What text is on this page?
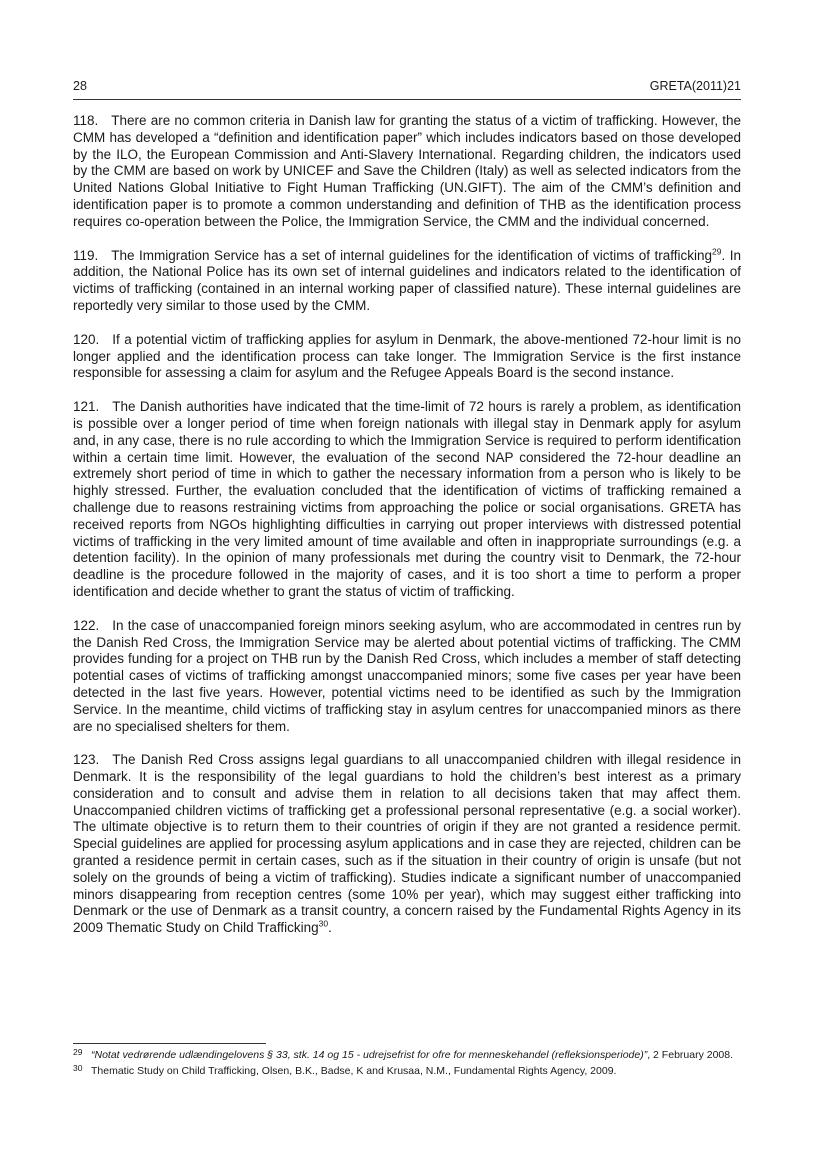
28	GRETA(2011)21

118. There are no common criteria in Danish law for granting the status of a victim of trafficking. However, the CMM has developed a “definition and identification paper” which includes indicators based on those developed by the ILO, the European Commission and Anti-Slavery International. Regarding children, the indicators used by the CMM are based on work by UNICEF and Save the Children (Italy) as well as selected indicators from the United Nations Global Initiative to Fight Human Trafficking (UN.GIFT). The aim of the CMM’s definition and identification paper is to promote a common understanding and definition of THB as the identification process requires co-operation between the Police, the Immigration Service, the CMM and the individual concerned.

119. The Immigration Service has a set of internal guidelines for the identification of victims of trafficking$^{29}$. In addition, the National Police has its own set of internal guidelines and indicators related to the identification of victims of trafficking (contained in an internal working paper of classified nature). These internal guidelines are reportedly very similar to those used by the CMM.

120. If a potential victim of trafficking applies for asylum in Denmark, the above-mentioned 72-hour limit is no longer applied and the identification process can take longer. The Immigration Service is the first instance responsible for assessing a claim for asylum and the Refugee Appeals Board is the second instance.

121. The Danish authorities have indicated that the time-limit of 72 hours is rarely a problem, as identification is possible over a longer period of time when foreign nationals with illegal stay in Denmark apply for asylum and, in any case, there is no rule according to which the Immigration Service is required to perform identification within a certain time limit. However, the evaluation of the second NAP considered the 72-hour deadline an extremely short period of time in which to gather the necessary information from a person who is likely to be highly stressed. Further, the evaluation concluded that the identification of victims of trafficking remained a challenge due to reasons restraining victims from approaching the police or social organisations. GRETA has received reports from NGOs highlighting difficulties in carrying out proper interviews with distressed potential victims of trafficking in the very limited amount of time available and often in inappropriate surroundings (e.g. a detention facility). In the opinion of many professionals met during the country visit to Denmark, the 72-hour deadline is the procedure followed in the majority of cases, and it is too short a time to perform a proper identification and decide whether to grant the status of victim of trafficking.

122. In the case of unaccompanied foreign minors seeking asylum, who are accommodated in centres run by the Danish Red Cross, the Immigration Service may be alerted about potential victims of trafficking. The CMM provides funding for a project on THB run by the Danish Red Cross, which includes a member of staff detecting potential cases of victims of trafficking amongst unaccompanied minors; some five cases per year have been detected in the last five years. However, potential victims need to be identified as such by the Immigration Service. In the meantime, child victims of trafficking stay in asylum centres for unaccompanied minors as there are no specialised shelters for them.

123. The Danish Red Cross assigns legal guardians to all unaccompanied children with illegal residence in Denmark. It is the responsibility of the legal guardians to hold the children’s best interest as a primary consideration and to consult and advise them in relation to all decisions taken that may affect them. Unaccompanied children victims of trafficking get a professional personal representative (e.g. a social worker). The ultimate objective is to return them to their countries of origin if they are not granted a residence permit. Special guidelines are applied for processing asylum applications and in case they are rejected, children can be granted a residence permit in certain cases, such as if the situation in their country of origin is unsafe (but not solely on the grounds of being a victim of trafficking). Studies indicate a significant number of unaccompanied minors disappearing from reception centres (some 10% per year), which may suggest either trafficking into Denmark or the use of Denmark as a transit country, a concern raised by the Fundamental Rights Agency in its 2009 Thematic Study on Child Trafficking$^{30}$.

29 “Notat vedrørende udlændingelovens § 33, stk. 14 og 15 - udrejsefrist for ofre for menneskehandel (refleksionsperiode)”, 2 February 2008.
30 Thematic Study on Child Trafficking, Olsen, B.K., Badse, K and Krusaa, N.M., Fundamental Rights Agency, 2009.
